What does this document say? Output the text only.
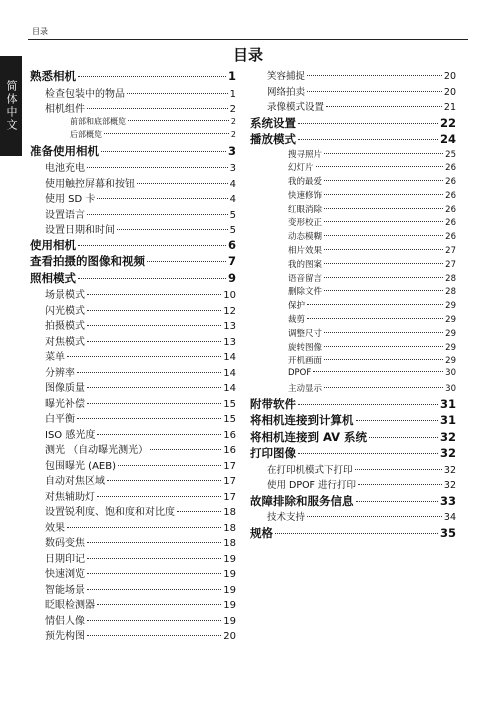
目录
简体中文
目录
熟悉相机	1
检查包装中的物品	1
相机组件	2
前部和底部概览	2
后部概览	2
准备使用相机	3
电池充电	3
使用触控屏幕和按钮	4
使用 SD 卡	4
设置语言	5
设置日期和时间	5
使用相机	6
查看拍摄的图像和视频	7
照相模式	9
场景模式	10
闪光模式	12
拍摄模式	13
对焦模式	13
菜单	14
分辨率	14
图像质量	14
曝光补偿	15
白平衡	15
ISO 感光度	16
测光 （自动曝光测光）	16
包围曝光 (AEB)	17
自动对焦区域	17
对焦辅助灯	17
设置锐利度、饱和度和对比度	18
效果	18
数码变焦	18
日期印记	19
快速浏览	19
智能场景	19
眨眼检测器	19
情侣人像	19
预先构图	20
笑容捕捉	20
网络拍卖	20
录像模式设置	21
系统设置	22
播放模式	24
搜寻照片	25
幻灯片	26
我的最爱	26
快速修饰	26
红眼消除	26
变形校正	26
动态模糊	26
相片效果	27
我的图案	27
语音留言	28
删除文件	28
保护	29
裁剪	29
调整尺寸	29
旋转图像	29
开机画面	29
DPOF	30
主动显示	30
附带软件	31
将相机连接到计算机	31
将相机连接到 AV 系统	32
打印图像	32
在打印机模式下打印	32
使用 DPOF 进行打印	32
故障排除和服务信息	33
技术支持	34
规格	35
